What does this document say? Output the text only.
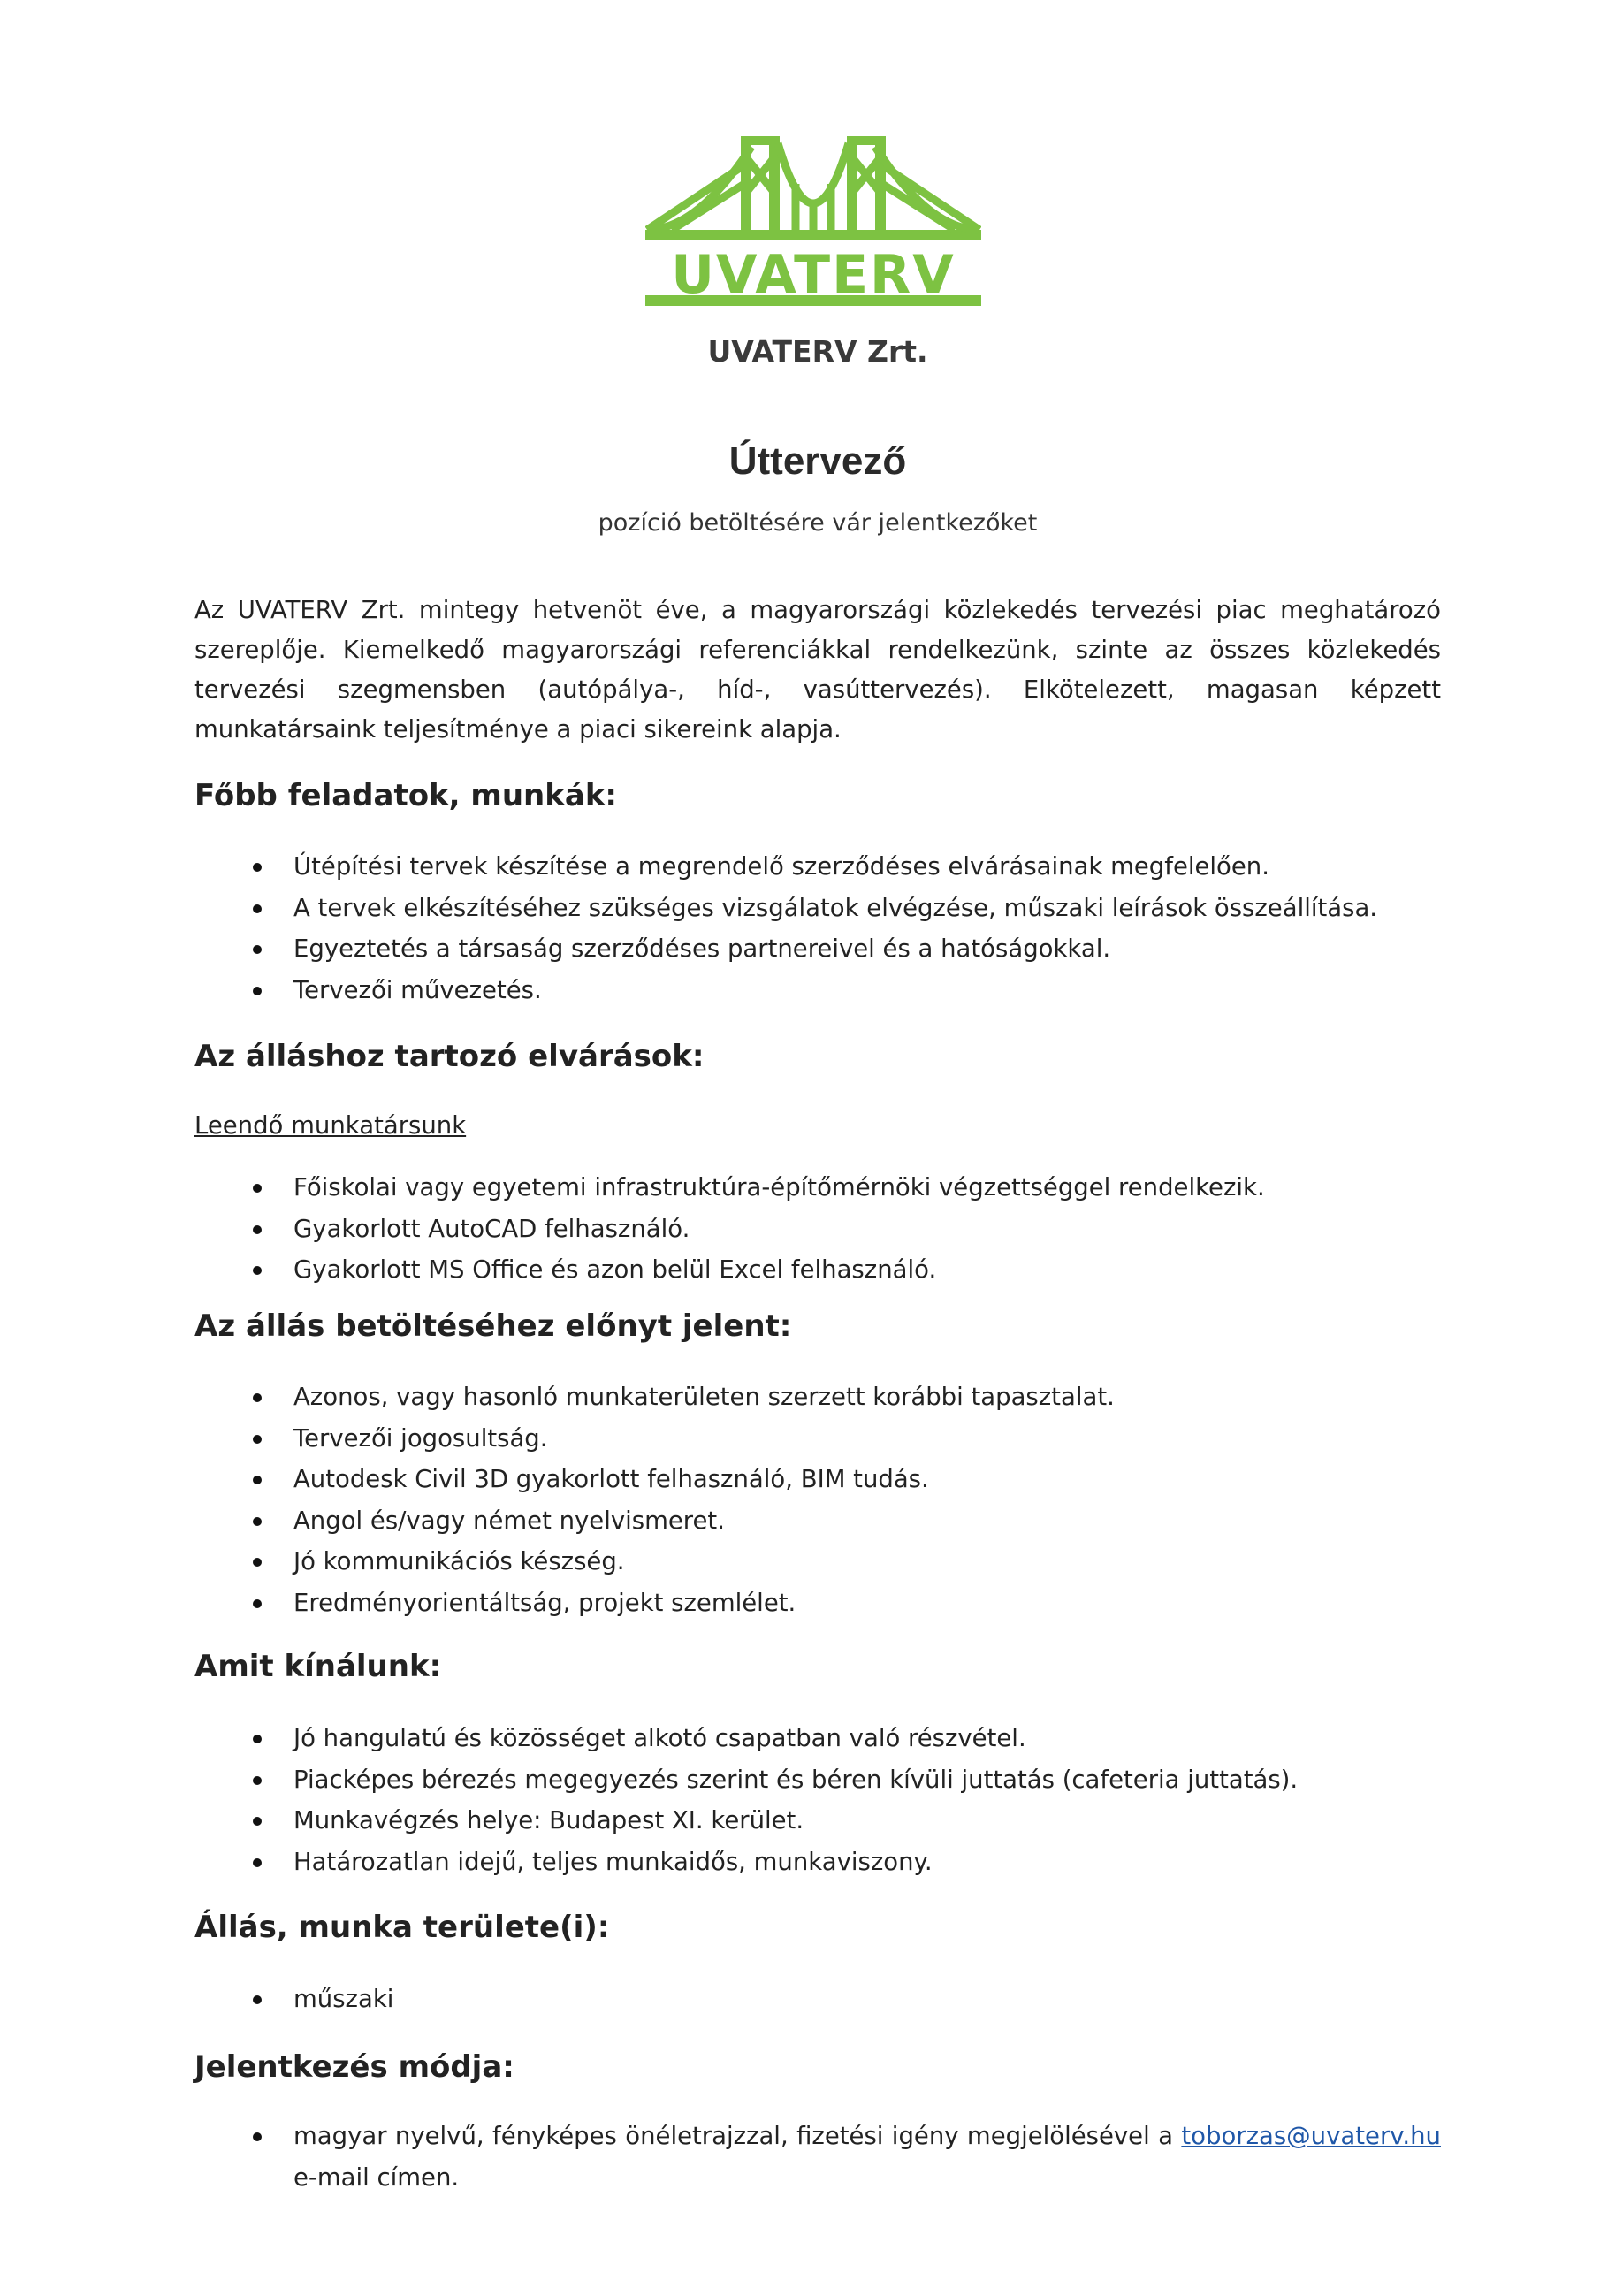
UVATERV
UVATERV Zrt.
Úttervező
pozíció betöltésére vár jelentkezőket
Az UVATERV Zrt. mintegy hetvenöt éve, a magyarországi közlekedés tervezési piac meghatározó szereplője. Kiemelkedő magyarországi referenciákkal rendelkezünk, szinte az összes közlekedés tervezési szegmensben (autópálya-, híd-, vasúttervezés). Elkötelezett, magasan képzett munkatársaink teljesítménye a piaci sikereink alapja.
Főbb feladatok, munkák:
Útépítési tervek készítése a megrendelő szerződéses elvárásainak megfelelően.
A tervek elkészítéséhez szükséges vizsgálatok elvégzése, műszaki leírások összeállítása.
Egyeztetés a társaság szerződéses partnereivel és a hatóságokkal.
Tervezői művezetés.
Az álláshoz tartozó elvárások:
Leendő munkatársunk
Főiskolai vagy egyetemi infrastruktúra-építőmérnöki végzettséggel rendelkezik.
Gyakorlott AutoCAD felhasználó.
Gyakorlott MS Office és azon belül Excel felhasználó.
Az állás betöltéséhez előnyt jelent:
Azonos, vagy hasonló munkaterületen szerzett korábbi tapasztalat.
Tervezői jogosultság.
Autodesk Civil 3D gyakorlott felhasználó, BIM tudás.
Angol és/vagy német nyelvismeret.
Jó kommunikációs készség.
Eredményorientáltság, projekt szemlélet.
Amit kínálunk:
Jó hangulatú és közösséget alkotó csapatban való részvétel.
Piacképes bérezés megegyezés szerint és béren kívüli juttatás (cafeteria juttatás).
Munkavégzés helye: Budapest XI. kerület.
Határozatlan idejű, teljes munkaidős, munkaviszony.
Állás, munka területe(i):
műszaki
Jelentkezés módja:
magyar nyelvű, fényképes önéletrajzzal, fizetési igény megjelölésével a toborzas@uvaterv.hu e-mail címen.
